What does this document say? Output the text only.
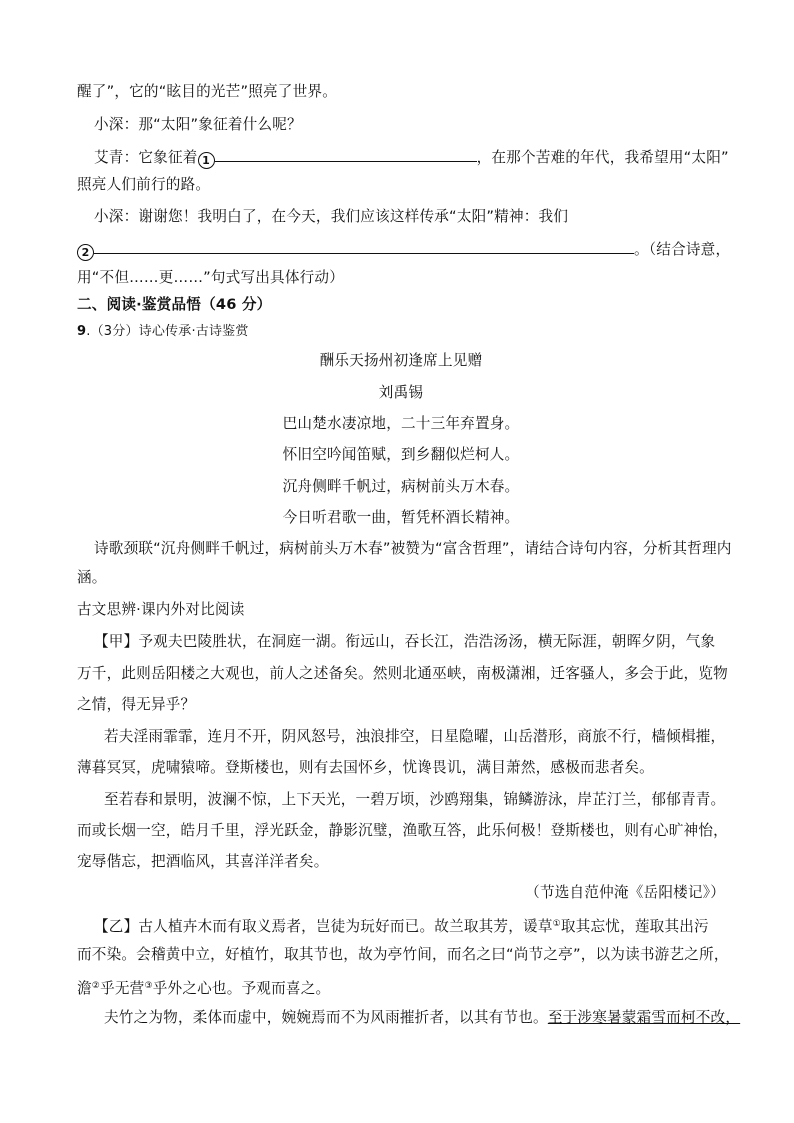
醒了”，它的“眩目的光芒”照亮了世界。
小深：那“太阳”象征着什么呢？
艾青：它象征着 1	，在那个苦难的年代，我希望用“太阳”
照亮人们前行的路。
小深：谢谢您！我明白了，在今天，我们应该这样传承“太阳”精神：我们
2	。（结合诗意，
用“不但……更……”句式写出具体行动）
二、阅读·鉴赏品悟（46 分）
9.（3分）诗心传承·古诗鉴赏
酬乐天扬州初逢席上见赠
刘禹锡
巴山楚水凄凉地，二十三年弃置身。
怀旧空吟闻笛赋，到乡翻似烂柯人。
沉舟侧畔千帆过，病树前头万木春。
今日听君歌一曲，暂凭杯酒长精神。
诗歌颈联“沉舟侧畔千帆过，病树前头万木春”被赞为“富含哲理”，请结合诗句内容，分析其哲理内
涵。
古文思辨·课内外对比阅读
【甲】予观夫巴陵胜状，在洞庭一湖。衔远山，吞长江，浩浩汤汤，横无际涯，朝晖夕阴，气象
万千，此则岳阳楼之大观也，前人之述备矣。然则北通巫峡，南极潇湘，迁客骚人，多会于此，览物
之情，得无异乎？
若夫淫雨霏霏，连月不开，阴风怒号，浊浪排空，日星隐曜，山岳潜形，商旅不行，樯倾楫摧，
薄暮冥冥，虎啸猿啼。登斯楼也，则有去国怀乡，忧谗畏讥，满目萧然，感极而悲者矣。
至若春和景明，波澜不惊，上下天光，一碧万顷，沙鸥翔集，锦鳞游泳，岸芷汀兰，郁郁青青。
而或长烟一空，皓月千里，浮光跃金，静影沉璧，渔歌互答，此乐何极！登斯楼也，则有心旷神怡，
宠辱偕忘，把酒临风，其喜洋洋者矣。
（节选自范仲淹《岳阳楼记》）
【乙】古人植卉木而有取义焉者，岂徒为玩好而已。故兰取其芳，谖草①取其忘忧，莲取其出污
而不染。会稽黄中立，好植竹，取其节也，故为亭竹间，而名之曰“尚节之亭”，以为读书游艺之所，
澹②乎无营③乎外之心也。予观而喜之。
夫竹之为物，柔体而虚中，婉婉焉而不为风雨摧折者，以其有节也。至于涉寒暑蒙霜雪而柯不改，
